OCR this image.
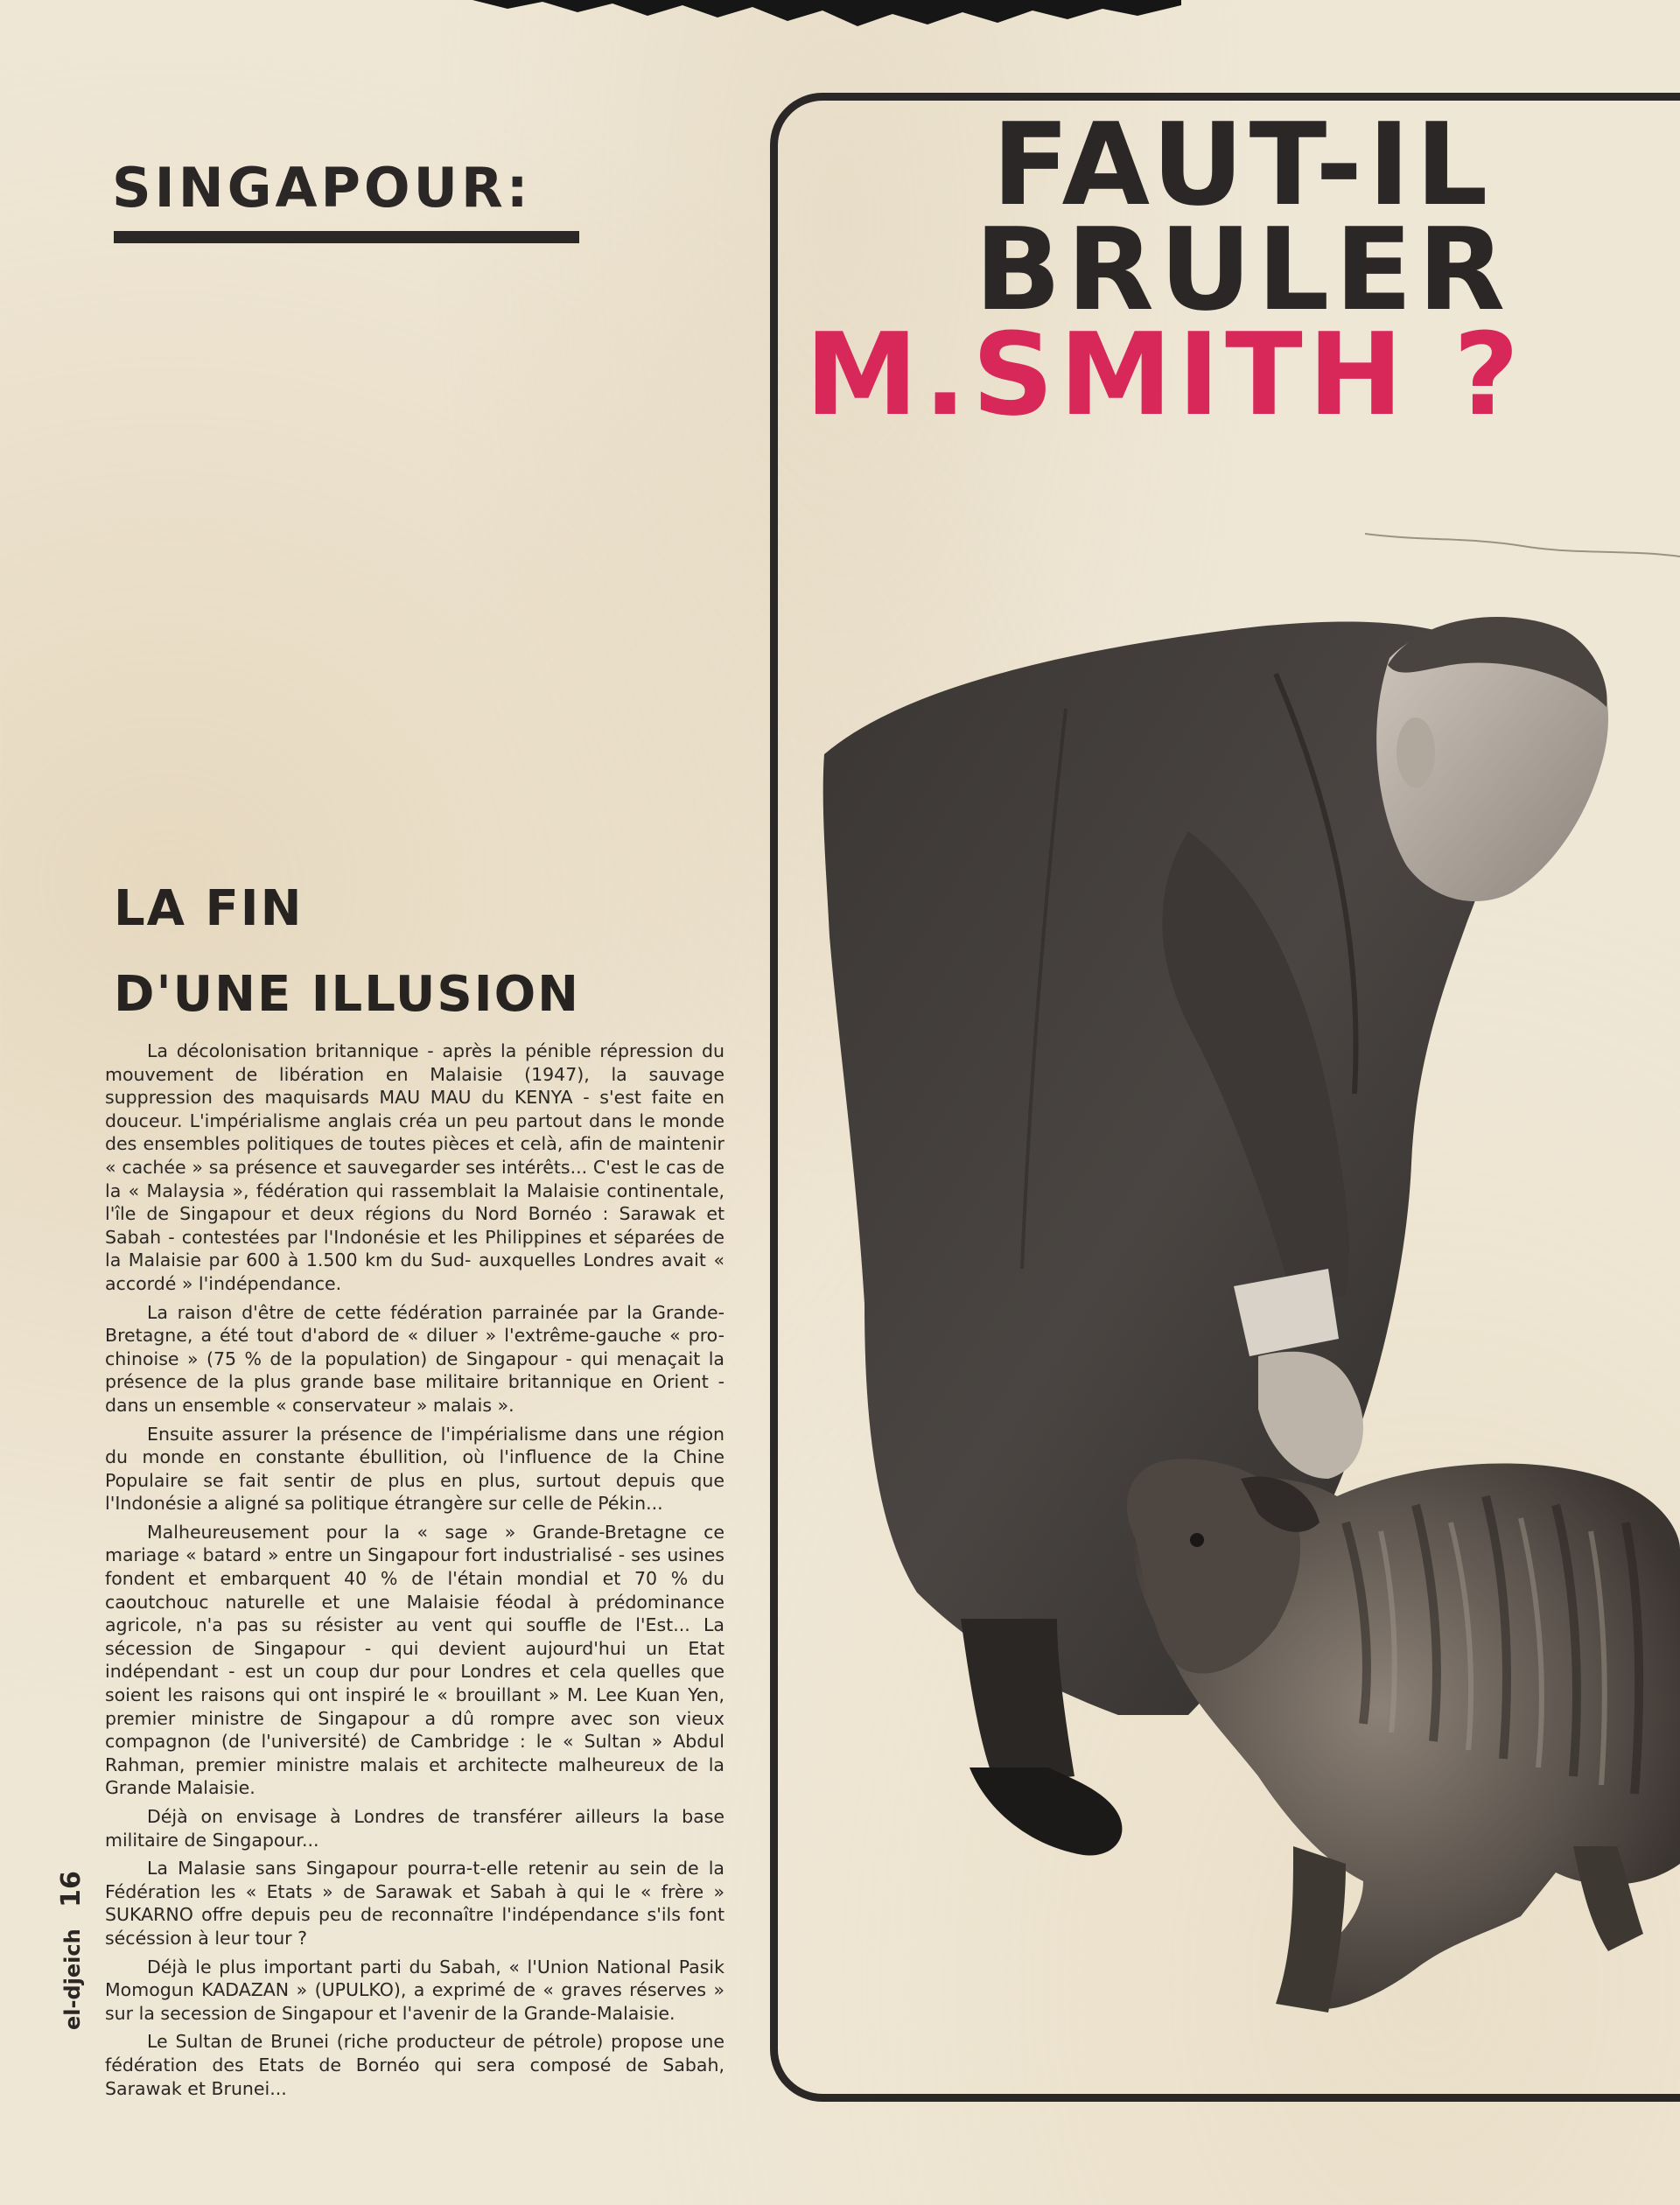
SINGAPOUR:
LA FIN
D'UNE ILLUSION

La décolonisation britannique - après la pénible répression du mouvement de libération en Malaisie (1947), la sauvage suppression des maquisards MAU MAU du KENYA - s'est faite en douceur. L'impérialisme anglais créa un peu partout dans le monde des ensembles politiques de toutes pièces et celà, afin de maintenir « cachée » sa présence et sauvegarder ses intérêts... C'est le cas de la « Malaysia », fédération qui rassemblait la Malaisie continentale, l'île de Singapour et deux régions du Nord Bornéo : Sarawak et Sabah - contestées par l'Indonésie et les Philippines et séparées de la Malaisie par 600 à 1.500 km du Sud- auxquelles Londres avait « accordé » l'indépendance.

La raison d'être de cette fédération parrainée par la Grande-Bretagne, a été tout d'abord de « diluer » l'extrême-gauche « pro-chinoise » (75 % de la population) de Singapour - qui menaçait la présence de la plus grande base militaire britannique en Orient - dans un ensemble « conservateur » malais ».

Ensuite assurer la présence de l'impérialisme dans une région du monde en constante ébullition, où l'influence de la Chine Populaire se fait sentir de plus en plus, surtout depuis que l'Indonésie a aligné sa politique étrangère sur celle de Pékin...

Malheureusement pour la « sage » Grande-Bretagne ce mariage « batard » entre un Singapour fort industrialisé - ses usines fondent et embarquent 40 % de l'étain mondial et 70 % du caoutchouc naturelle et une Malaisie féodal à prédominance agricole, n'a pas su résister au vent qui souffle de l'Est... La sécession de Singapour - qui devient aujourd'hui un Etat indépendant - est un coup dur pour Londres et cela quelles que soient les raisons qui ont inspiré le « brouillant » M. Lee Kuan Yen, premier ministre de Singapour a dû rompre avec son vieux compagnon (de l'université) de Cambridge : le « Sultan » Abdul Rahman, premier ministre malais et architecte malheureux de la Grande Malaisie.

Déjà on envisage à Londres de transférer ailleurs la base militaire de Singapour...

La Malasie sans Singapour pourra-t-elle retenir au sein de la Fédération les « Etats » de Sarawak et Sabah à qui le « frère » SUKARNO offre depuis peu de reconnaître l'indépendance s'ils font sécéssion à leur tour ?

Déjà le plus important parti du Sabah, « l'Union National Pasik Momogun KADAZAN » (UPULKO), a exprimé de « graves réserves » sur la secession de Singapour et l'avenir de la Grande-Malaisie.

Le Sultan de Brunei (riche producteur de pétrole) propose une fédération des Etats de Bornéo qui sera composé de Sabah, Sarawak et Brunei...

el-djeich 16
FAUT-IL
BRULER
M.SMITH ?
